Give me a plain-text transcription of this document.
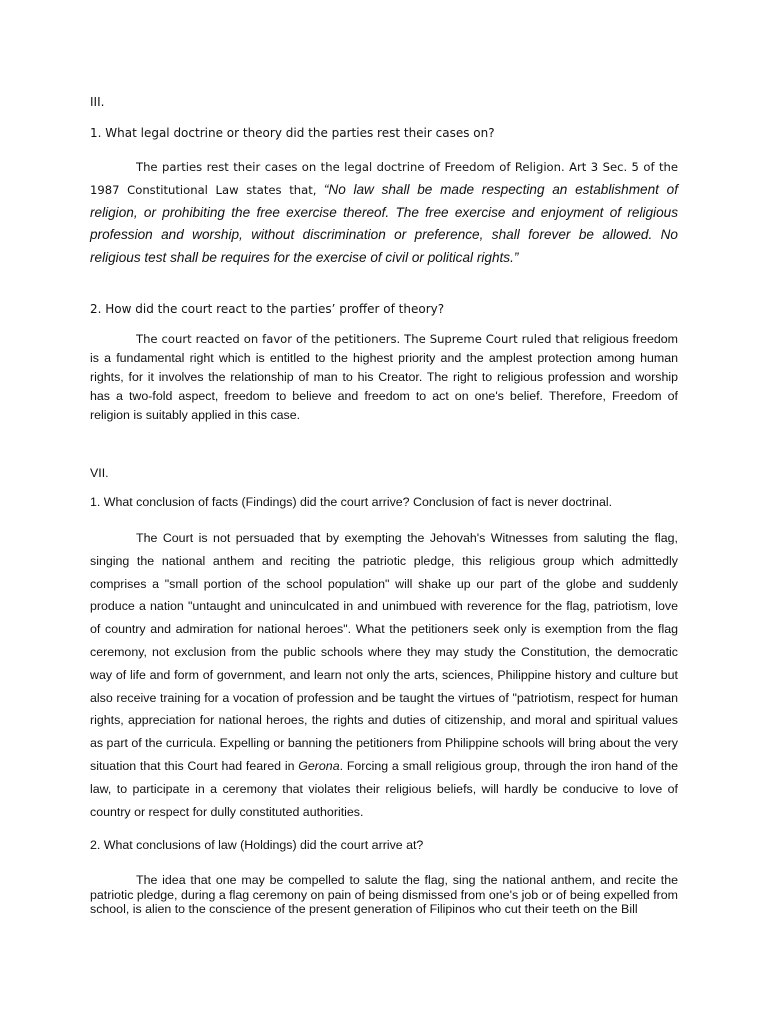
III.

1. What legal doctrine or theory did the parties rest their cases on?

The parties rest their cases on the legal doctrine of Freedom of Religion. Art 3 Sec. 5 of the 1987 Constitutional Law states that, “No law shall be made respecting an establishment of religion, or prohibiting the free exercise thereof. The free exercise and enjoyment of religious profession and worship, without discrimination or preference, shall forever be allowed. No religious test shall be requires for the exercise of civil or political rights.”

2. How did the court react to the parties’ proffer of theory?

The court reacted on favor of the petitioners. The Supreme Court ruled that religious freedom is a fundamental right which is entitled to the highest priority and the amplest protection among human rights, for it involves the relationship of man to his Creator. The right to religious profession and worship has a two-fold aspect, freedom to believe and freedom to act on one's belief. Therefore, Freedom of religion is suitably applied in this case.

VII.

1. What conclusion of facts (Findings) did the court arrive? Conclusion of fact is never doctrinal.

The Court is not persuaded that by exempting the Jehovah's Witnesses from saluting the flag, singing the national anthem and reciting the patriotic pledge, this religious group which admittedly comprises a "small portion of the school population" will shake up our part of the globe and suddenly produce a nation "untaught and uninculcated in and unimbued with reverence for the flag, patriotism, love of country and admiration for national heroes". What the petitioners seek only is exemption from the flag ceremony, not exclusion from the public schools where they may study the Constitution, the democratic way of life and form of government, and learn not only the arts, sciences, Philippine history and culture but also receive training for a vocation of profession and be taught the virtues of "patriotism, respect for human rights, appreciation for national heroes, the rights and duties of citizenship, and moral and spiritual values as part of the curricula. Expelling or banning the petitioners from Philippine schools will bring about the very situation that this Court had feared in Gerona. Forcing a small religious group, through the iron hand of the law, to participate in a ceremony that violates their religious beliefs, will hardly be conducive to love of country or respect for dully constituted authorities.

2. What conclusions of law (Holdings) did the court arrive at?

The idea that one may be compelled to salute the flag, sing the national anthem, and recite the patriotic pledge, during a flag ceremony on pain of being dismissed from one's job or of being expelled from school, is alien to the conscience of the present generation of Filipinos who cut their teeth on the Bill
